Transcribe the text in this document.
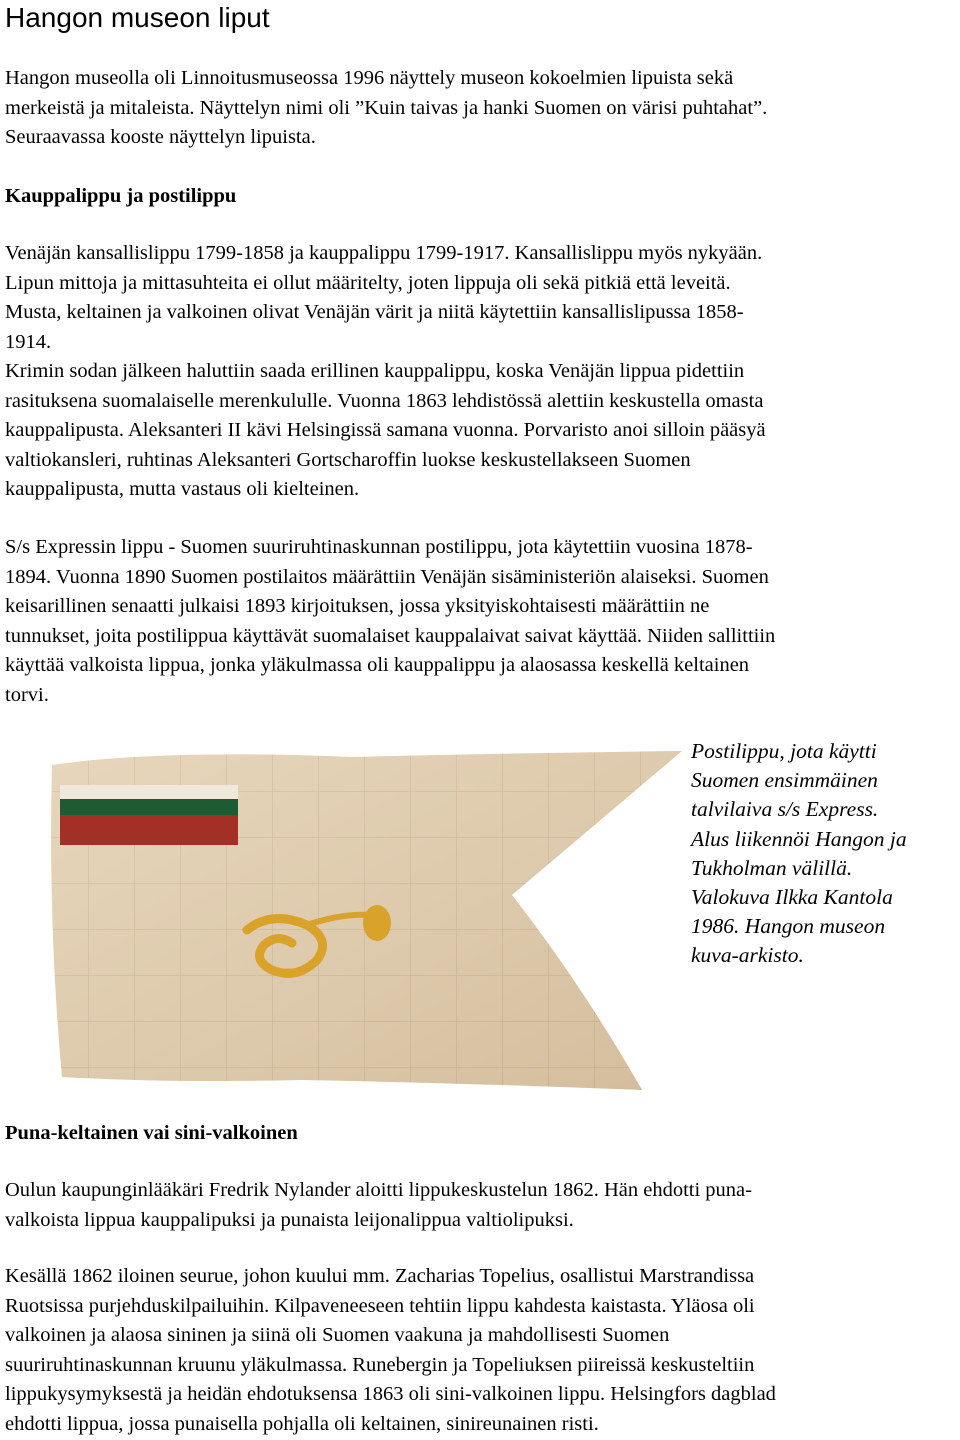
Hangon museon liput
Hangon museolla oli Linnoitusmuseossa 1996 näyttely museon kokoelmien lipuista sekä
merkeistä ja mitaleista. Näyttelyn nimi oli ”Kuin taivas ja hanki Suomen on värisi puhtahat”.
Seuraavassa kooste näyttelyn lipuista.
Kauppalippu ja postilippu
Venäjän kansallislippu 1799-1858 ja kauppalippu 1799-1917. Kansallislippu myös nykyään.
Lipun mittoja ja mittasuhteita ei ollut määritelty, joten lippuja oli sekä pitkiä että leveitä.
Musta, keltainen ja valkoinen olivat Venäjän värit ja niitä käytettiin kansallislipussa 1858-
1914.
Krimin sodan jälkeen haluttiin saada erillinen kauppalippu, koska Venäjän lippua pidettiin
rasituksena suomalaiselle merenkululle. Vuonna 1863 lehdistössä alettiin keskustella omasta
kauppalipusta. Aleksanteri II kävi Helsingissä samana vuonna. Porvaristo anoi silloin pääsyä
valtiokansleri, ruhtinas Aleksanteri Gortscharoffin luokse keskustellakseen Suomen
kauppalipusta, mutta vastaus oli kielteinen.
S/s Expressin lippu - Suomen suuriruhtinaskunnan postilippu, jota käytettiin vuosina 1878-
1894. Vuonna 1890 Suomen postilaitos määrättiin Venäjän sisäministeriön alaiseksi. Suomen
keisarillinen senaatti julkaisi 1893 kirjoituksen, jossa yksityiskohtaisesti määrättiin ne
tunnukset, joita postilippua käyttävät suomalaiset kauppalaivat saivat käyttää. Niiden sallittiin
käyttää valkoista lippua, jonka yläkulmassa oli kauppalippu ja alaosassa keskellä keltainen
torvi.
Postilippu, jota käytti
Suomen ensimmäinen
talvilaiva s/s Express.
Alus liikennöi Hangon ja
Tukholman välillä.
Valokuva Ilkka Kantola
1986. Hangon museon
kuva-arkisto.
Puna-keltainen vai sini-valkoinen
Oulun kaupunginlääkäri Fredrik Nylander aloitti lippukeskustelun 1862. Hän ehdotti puna-
valkoista lippua kauppalipuksi ja punaista leijonalippua valtiolipuksi.
Kesällä 1862 iloinen seurue, johon kuului mm. Zacharias Topelius, osallistui Marstrandissa
Ruotsissa purjehduskilpailuihin. Kilpaveneeseen tehtiin lippu kahdesta kaistasta. Yläosa oli
valkoinen ja alaosa sininen ja siinä oli Suomen vaakuna ja mahdollisesti Suomen
suuriruhtinaskunnan kruunu yläkulmassa. Runebergin ja Topeliuksen piireissä keskusteltiin
lippukysymyksestä ja heidän ehdotuksensa 1863 oli sini-valkoinen lippu. Helsingfors dagblad
ehdotti lippua, jossa punaisella pohjalla oli keltainen, sinireunainen risti.
